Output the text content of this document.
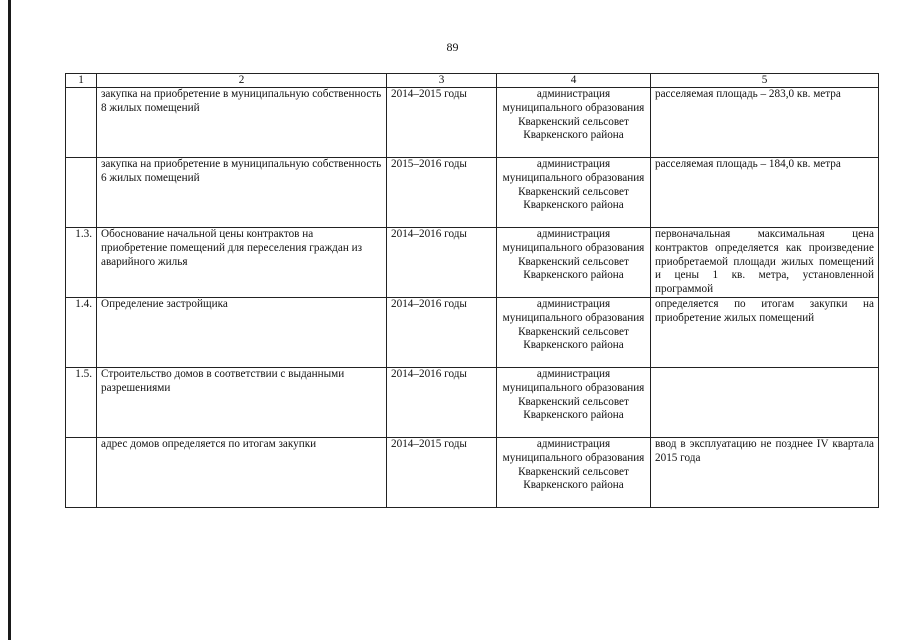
89
1	2	3	4	5
	закупка на приобретение в муниципальную собственность 8 жилых помещений	2014–2015 годы	администрация муниципального образования Кваркенский сельсовет Кваркенского района	расселяемая площадь – 283,0 кв. метра
	закупка на приобретение в муниципальную собственность 6 жилых помещений	2015–2016 годы	администрация муниципального образования Кваркенский сельсовет Кваркенского района	расселяемая площадь – 184,0 кв. метра
1.3.	Обоснование начальной цены контрактов на приобретение помещений для переселения граждан из аварийного жилья	2014–2016 годы	администрация муниципального образования Кваркенский сельсовет Кваркенского района	первоначальная максимальная цена контрактов определяется как произведение приобретаемой площади жилых помещений и цены 1 кв. метра, установленной программой
1.4.	Определение застройщика	2014–2016 годы	администрация муниципального образования Кваркенский сельсовет Кваркенского района	определяется по итогам закупки на приобретение жилых помещений
1.5.	Строительство домов в соответствии с выданными разрешениями	2014–2016 годы	администрация муниципального образования Кваркенский сельсовет Кваркенского района	
	адрес домов определяется по итогам закупки	2014–2015 годы	администрация муниципального образования Кваркенский сельсовет Кваркенского района	ввод в эксплуатацию не позднее IV квартала 2015 года
